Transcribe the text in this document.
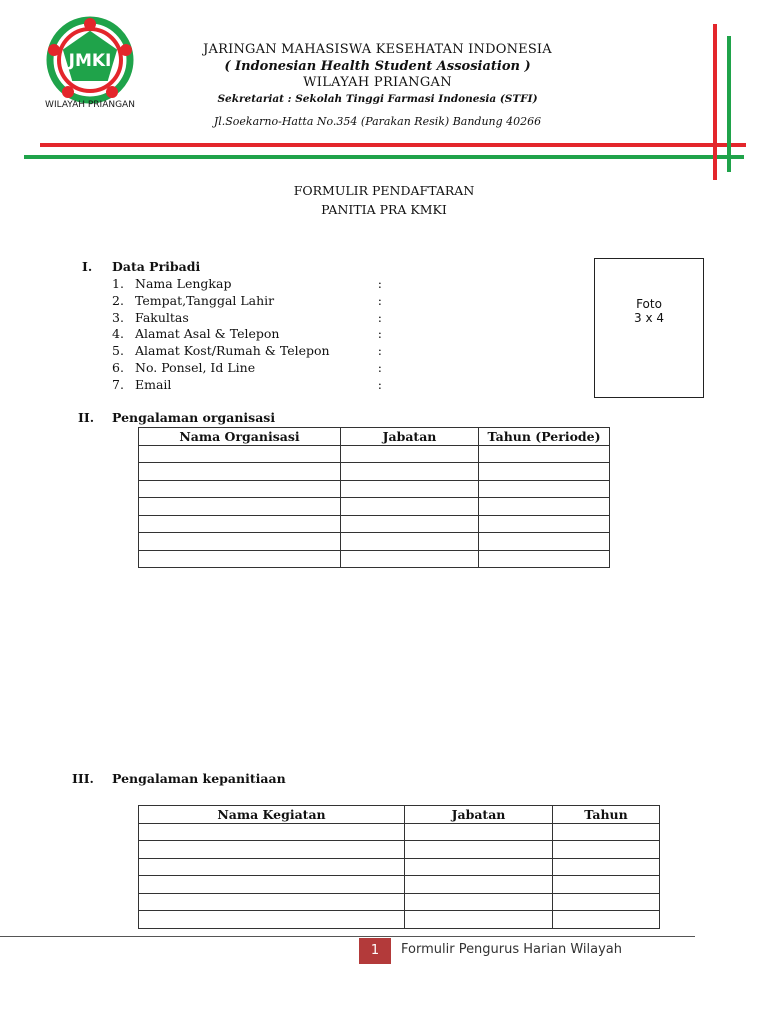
JMKI
WILAYAH PRIANGAN
JARINGAN MAHASISWA KESEHATAN INDONESIA
( Indonesian Health Student Assosiation )
WILAYAH PRIANGAN
Sekretariat : Sekolah Tinggi Farmasi Indonesia (STFI)
Jl.Soekarno-Hatta No.354 (Parakan Resik) Bandung 40266
FORMULIR PENDAFTARAN
PANITIA PRA KMKI
I. Data Pribadi
1. Nama Lengkap	:
2. Tempat,Tanggal Lahir	:
3. Fakultas	:
4. Alamat Asal & Telepon	:
5. Alamat Kost/Rumah & Telepon	:
6. No. Ponsel, Id Line	:
7. Email	:
Foto
3 x 4
II. Pengalaman organisasi
Nama Organisasi	Jabatan	Tahun (Periode)

III. Pengalaman kepanitiaan
Nama Kegiatan	Jabatan	Tahun

1	Formulir Pengurus Harian Wilayah
